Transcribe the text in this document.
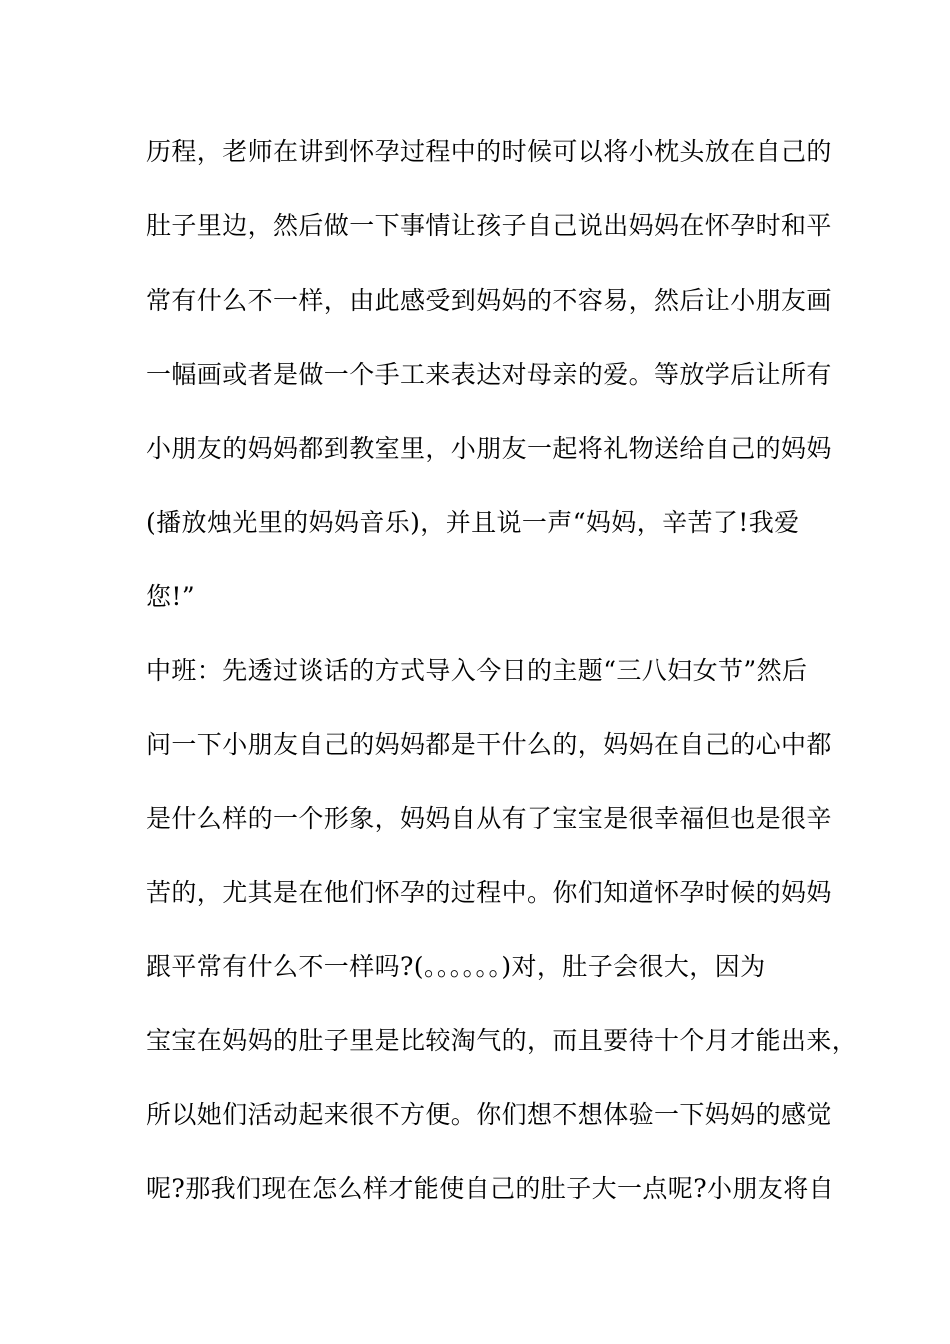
历程，老师在讲到怀孕过程中的时候可以将小枕头放在自己的
肚子里边，然后做一下事情让孩子自己说出妈妈在怀孕时和平
常有什么不一样，由此感受到妈妈的不容易，然后让小朋友画
一幅画或者是做一个手工来表达对母亲的爱。等放学后让所有
小朋友的妈妈都到教室里，小朋友一起将礼物送给自己的妈妈
(播放烛光里的妈妈音乐)，并且说一声“妈妈，辛苦了!我爱
您!”
中班：先透过谈话的方式导入今日的主题“三八妇女节”然后
问一下小朋友自己的妈妈都是干什么的，妈妈在自己的心中都
是什么样的一个形象，妈妈自从有了宝宝是很幸福但也是很辛
苦的，尤其是在他们怀孕的过程中。你们知道怀孕时候的妈妈
跟平常有什么不一样吗?(。。。。。。)对，肚子会很大，因为
宝宝在妈妈的肚子里是比较淘气的，而且要待十个月才能出来，
所以她们活动起来很不方便。你们想不想体验一下妈妈的感觉
呢?那我们现在怎么样才能使自己的肚子大一点呢?小朋友将自
